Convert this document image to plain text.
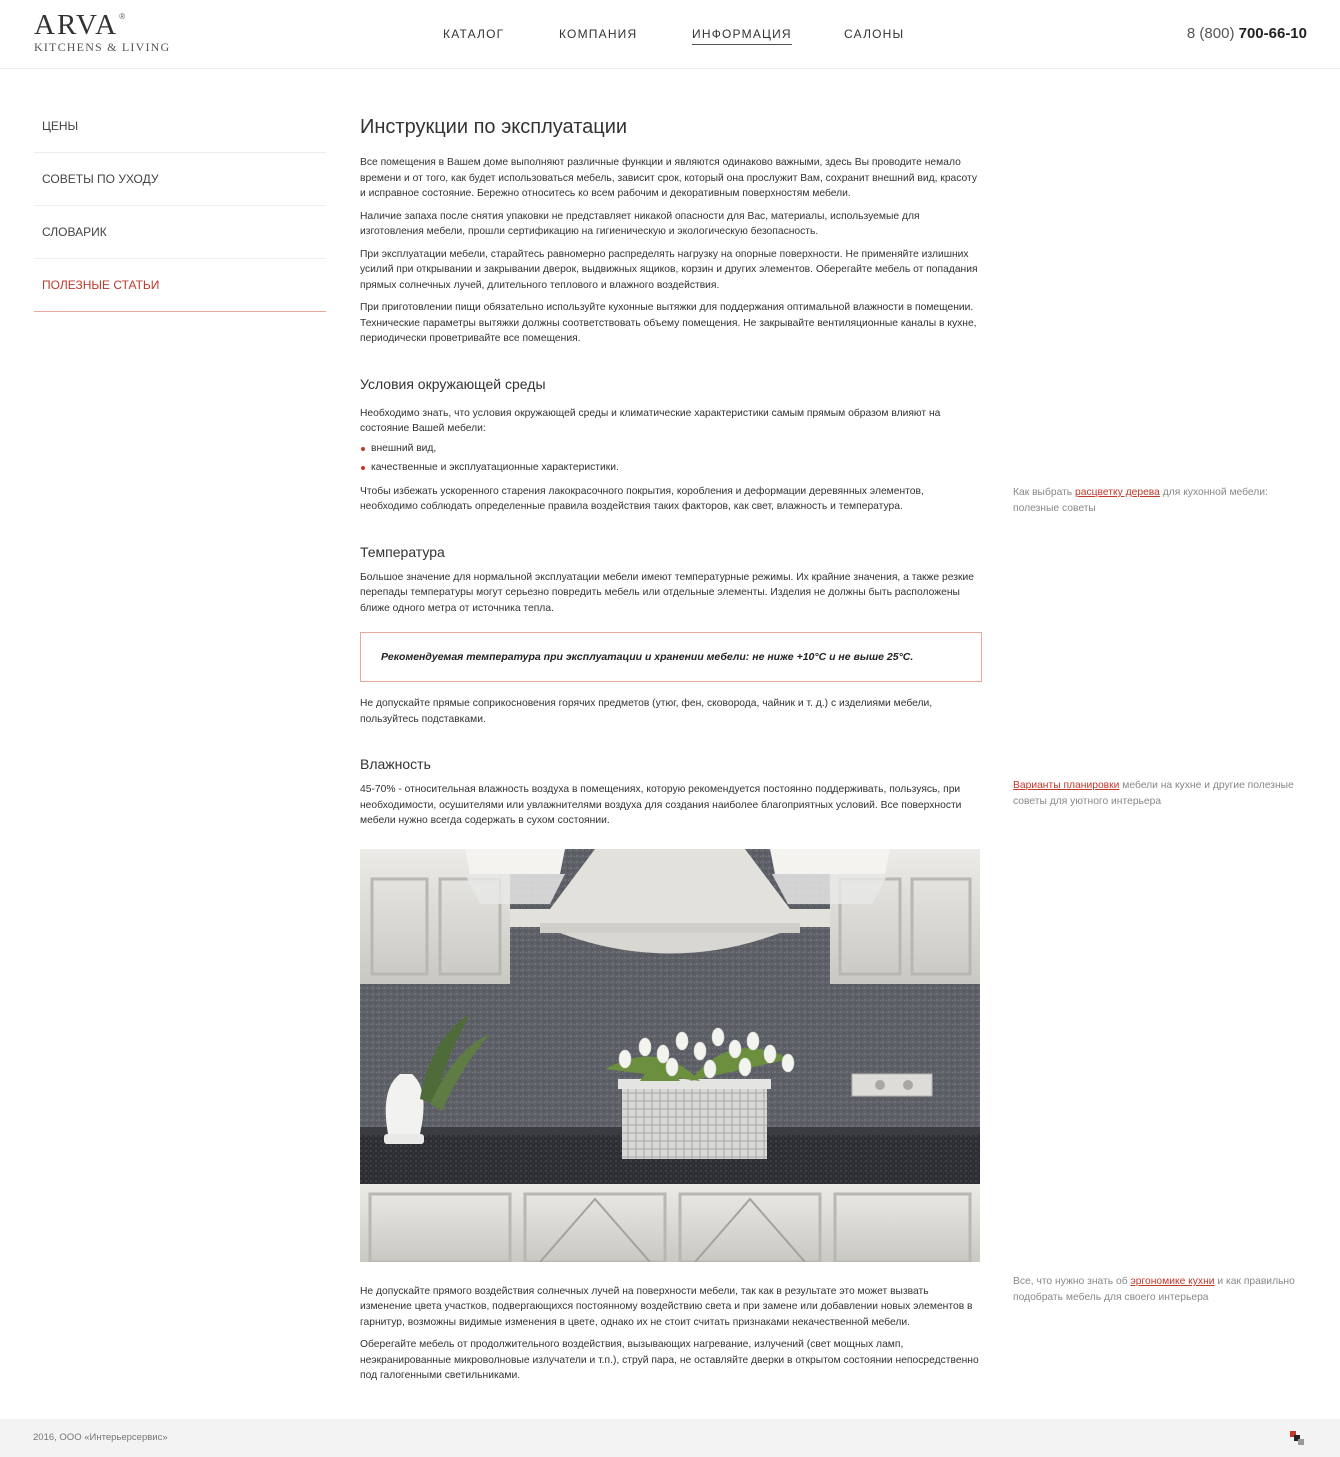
ARVA ®
KITCHENS & LIVING
КАТАЛОГ	КОМПАНИЯ	ИНФОРМАЦИЯ	САЛОНЫ	8 (800) 700-66-10
ЦЕНЫ
СОВЕТЫ ПО УХОДУ
СЛОВАРИК
ПОЛЕЗНЫЕ СТАТЬИ
Инструкции по эксплуатации

Все помещения в Вашем доме выполняют различные функции и являются одинаково важными, здесь Вы проводите немало времени и от того, как будет использоваться мебель, зависит срок, который она прослужит Вам, сохранит внешний вид, красоту и исправное состояние. Бережно относитесь ко всем рабочим и декоративным поверхностям мебели.

Наличие запаха после снятия упаковки не представляет никакой опасности для Вас, материалы, используемые для изготовления мебели, прошли сертификацию на гигиеническую и экологическую безопасность.

При эксплуатации мебели, старайтесь равномерно распределять нагрузку на опорные поверхности. Не применяйте излишних усилий при открывании и закрывании дверок, выдвижных ящиков, корзин и других элементов. Оберегайте мебель от попадания прямых солнечных лучей, длительного теплового и влажного воздействия.

При приготовлении пищи обязательно используйте кухонные вытяжки для поддержания оптимальной влажности в помещении. Технические параметры вытяжки должны соответствовать объему помещения. Не закрывайте вентиляционные каналы в кухне, периодически проветривайте все помещения.

Условия окружающей среды

Необходимо знать, что условия окружающей среды и климатические характеристики самым прямым образом влияют на состояние Вашей мебели:

внешний вид,
качественные и эксплуатационные характеристики.

Чтобы избежать ускоренного старения лакокрасочного покрытия, коробления и деформации деревянных элементов, необходимо соблюдать определенные правила воздействия таких факторов, как свет, влажность и температура.

Температура

Большое значение для нормальной эксплуатации мебели имеют температурные режимы. Их крайние значения, а также резкие перепады температуры могут серьезно повредить мебель или отдельные элементы. Изделия не должны быть расположены ближе одного метра от источника тепла.

Рекомендуемая температура при эксплуатации и хранении мебели: не ниже +10°С и не выше 25°С.

Не допускайте прямые соприкосновения горячих предметов (утюг, фен, сковорода, чайник и т. д.) с изделиями мебели, пользуйтесь подставками.

Влажность

45-70% - относительная влажность воздуха в помещениях, которую рекомендуется постоянно поддерживать, пользуясь, при необходимости, осушителями или увлажнителями воздуха для создания наиболее благоприятных условий. Все поверхности мебели нужно всегда содержать в сухом состоянии.

Не допускайте прямого воздействия солнечных лучей на поверхности мебели, так как в результате это может вызвать изменение цвета участков, подвергающихся постоянному воздействию света и при замене или добавлении новых элементов в гарнитур, возможны видимые изменения в цвете, однако их не стоит считать признаками некачественной мебели.

Оберегайте мебель от продолжительного воздействия, вызывающих нагревание, излучений (свет мощных ламп, неэкранированные микроволновые излучатели и т.п.), струй пара, не оставляйте дверки в открытом состоянии непосредственно под галогенными светильниками.

Как выбрать расцветку дерева для кухонной мебели: полезные советы
Варианты планировки мебели на кухне и другие полезные советы для уютного интерьера
Все, что нужно знать об эргономике кухни и как правильно подобрать мебель для своего интерьера
2016, ООО «Интерьерсервис»
